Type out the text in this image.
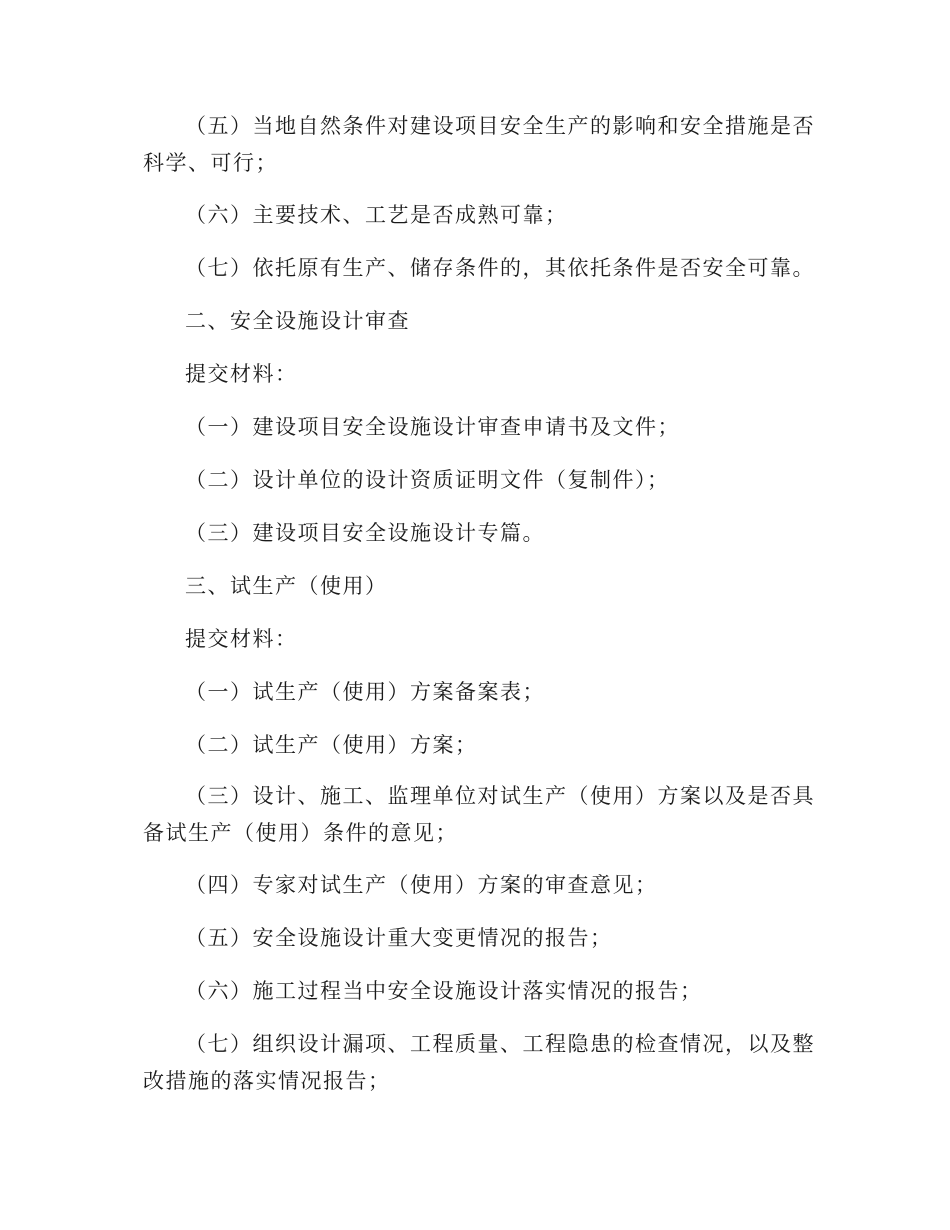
（五）当地自然条件对建设项目安全生产的影响和安全措施是否
科学、可行；

（六）主要技术、工艺是否成熟可靠；

（七）依托原有生产、储存条件的，其依托条件是否安全可靠。

二、安全设施设计审查

提交材料：

（一）建设项目安全设施设计审查申请书及文件；

（二）设计单位的设计资质证明文件（复制件）；

（三）建设项目安全设施设计专篇。

三、试生产（使用）

提交材料：

（一）试生产（使用）方案备案表；

（二）试生产（使用）方案；

（三）设计、施工、监理单位对试生产（使用）方案以及是否具
备试生产（使用）条件的意见；

（四）专家对试生产（使用）方案的审查意见；

（五）安全设施设计重大变更情况的报告；

（六）施工过程当中安全设施设计落实情况的报告；

（七）组织设计漏项、工程质量、工程隐患的检查情况，以及整
改措施的落实情况报告；
